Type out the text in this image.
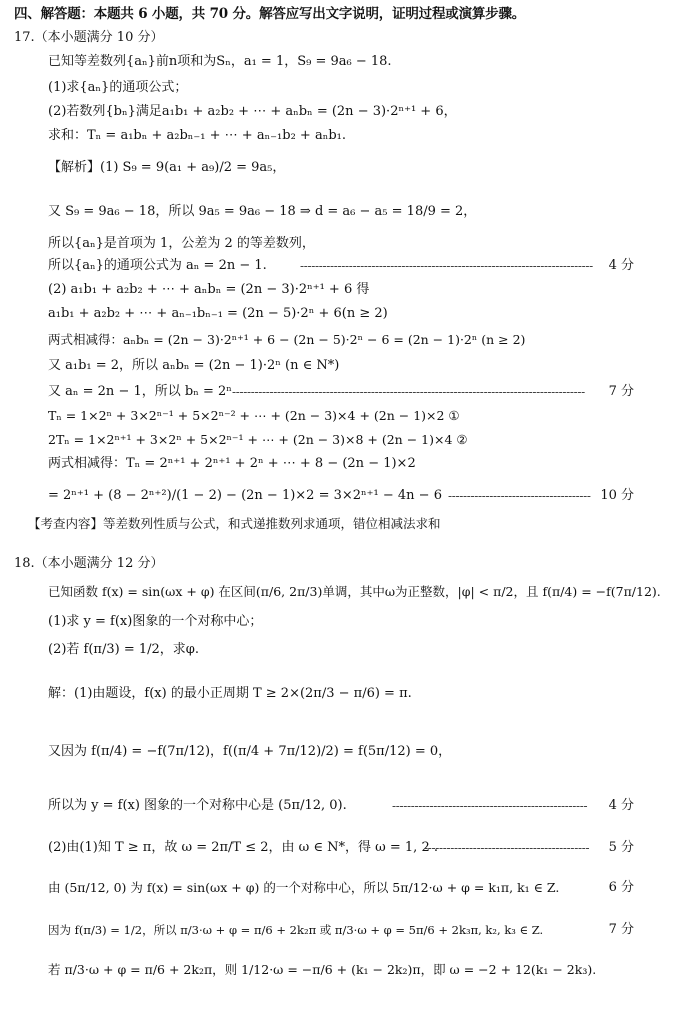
四、解答题：本题共 6 小题，共 70 分。解答应写出文字说明，证明过程或演算步骤。
17.（本小题满分 10 分）
已知等差数列{aₙ}前n项和为Sₙ，a₁ = 1，S₉ = 9a₆ − 18.
(1)求{aₙ}的通项公式；
(2)若数列{bₙ}满足a₁b₁ + a₂b₂ + ⋯ + aₙbₙ = (2n − 3)·2ⁿ⁺¹ + 6，
求和：Tₙ = a₁bₙ + a₂bₙ₋₁ + ⋯ + aₙ₋₁b₂ + aₙb₁.
【解析】(1) S₉ = 9(a₁ + a₉)/2 = 9a₅，
又 S₉ = 9a₆ − 18，所以 9a₅ = 9a₆ − 18 ⇒ d = a₆ − a₅ = 18/9 = 2，
所以{aₙ}是首项为 1，公差为 2 的等差数列，
所以{aₙ}的通项公式为 aₙ = 2n − 1.	------------------------------------------------------------------------------	4 分
(2) a₁b₁ + a₂b₂ + ⋯ + aₙbₙ = (2n − 3)·2ⁿ⁺¹ + 6 得
a₁b₁ + a₂b₂ + ⋯ + aₙ₋₁bₙ₋₁ = (2n − 5)·2ⁿ + 6(n ≥ 2)
两式相减得：aₙbₙ = (2n − 3)·2ⁿ⁺¹ + 6 − (2n − 5)·2ⁿ − 6 = (2n − 1)·2ⁿ (n ≥ 2)
又 a₁b₁ = 2，所以 aₙbₙ = (2n − 1)·2ⁿ (n ∈ N*)
又 aₙ = 2n − 1，所以 bₙ = 2ⁿ ----------------------------------------------------------------------------------------------	7 分
Tₙ = 1×2ⁿ + 3×2ⁿ⁻¹ + 5×2ⁿ⁻² + ⋯ + (2n − 3)×4 + (2n − 1)×2 ①
2Tₙ = 1×2ⁿ⁺¹ + 3×2ⁿ + 5×2ⁿ⁻¹ + ⋯ + (2n − 3)×8 + (2n − 1)×4 ②
两式相减得：Tₙ = 2ⁿ⁺¹ + 2ⁿ⁺¹ + 2ⁿ + ⋯ + 8 − (2n − 1)×2
= 2ⁿ⁺¹ + (8 − 2ⁿ⁺²)/(1 − 2) − (2n − 1)×2 = 3×2ⁿ⁺¹ − 4n − 6 -------------------------------------- 10 分
【考查内容】等差数列性质与公式，和式递推数列求通项，错位相减法求和
18.（本小题满分 12 分）
已知函数 f(x) = sin(ωx + φ) 在区间(π/6, 2π/3)单调，其中ω为正整数，|φ| < π/2，且 f(π/4) = −f(7π/12).
(1)求 y = f(x)图象的一个对称中心；
(2)若 f(π/3) = 1/2，求φ.
解：(1)由题设，f(x) 的最小正周期 T ≥ 2×(2π/3 − π/6) = π.
又因为 f(π/4) = −f(7π/12)，f((π/4 + 7π/12)/2) = f(5π/12) = 0，
所以为 y = f(x) 图象的一个对称中心是 (5π/12, 0).	----------------------------------------------------	4 分
(2)由(1)知 T ≥ π，故 ω = 2π/T ≤ 2，由 ω ∈ N*，得 ω = 1, 2 .
--------------------------------------------	5 分
由 (5π/12, 0) 为 f(x) = sin(ωx + φ) 的一个对称中心，所以 5π/12·ω + φ = k₁π, k₁ ∈ Z.	6 分
因为 f(π/3) = 1/2，所以 π/3·ω + φ = π/6 + 2k₂π 或 π/3·ω + φ = 5π/6 + 2k₃π, k₂, k₃ ∈ Z.	7 分
若 π/3·ω + φ = π/6 + 2k₂π，则 1/12·ω = −π/6 + (k₁ − 2k₂)π，即 ω = −2 + 12(k₁ − 2k₃).
